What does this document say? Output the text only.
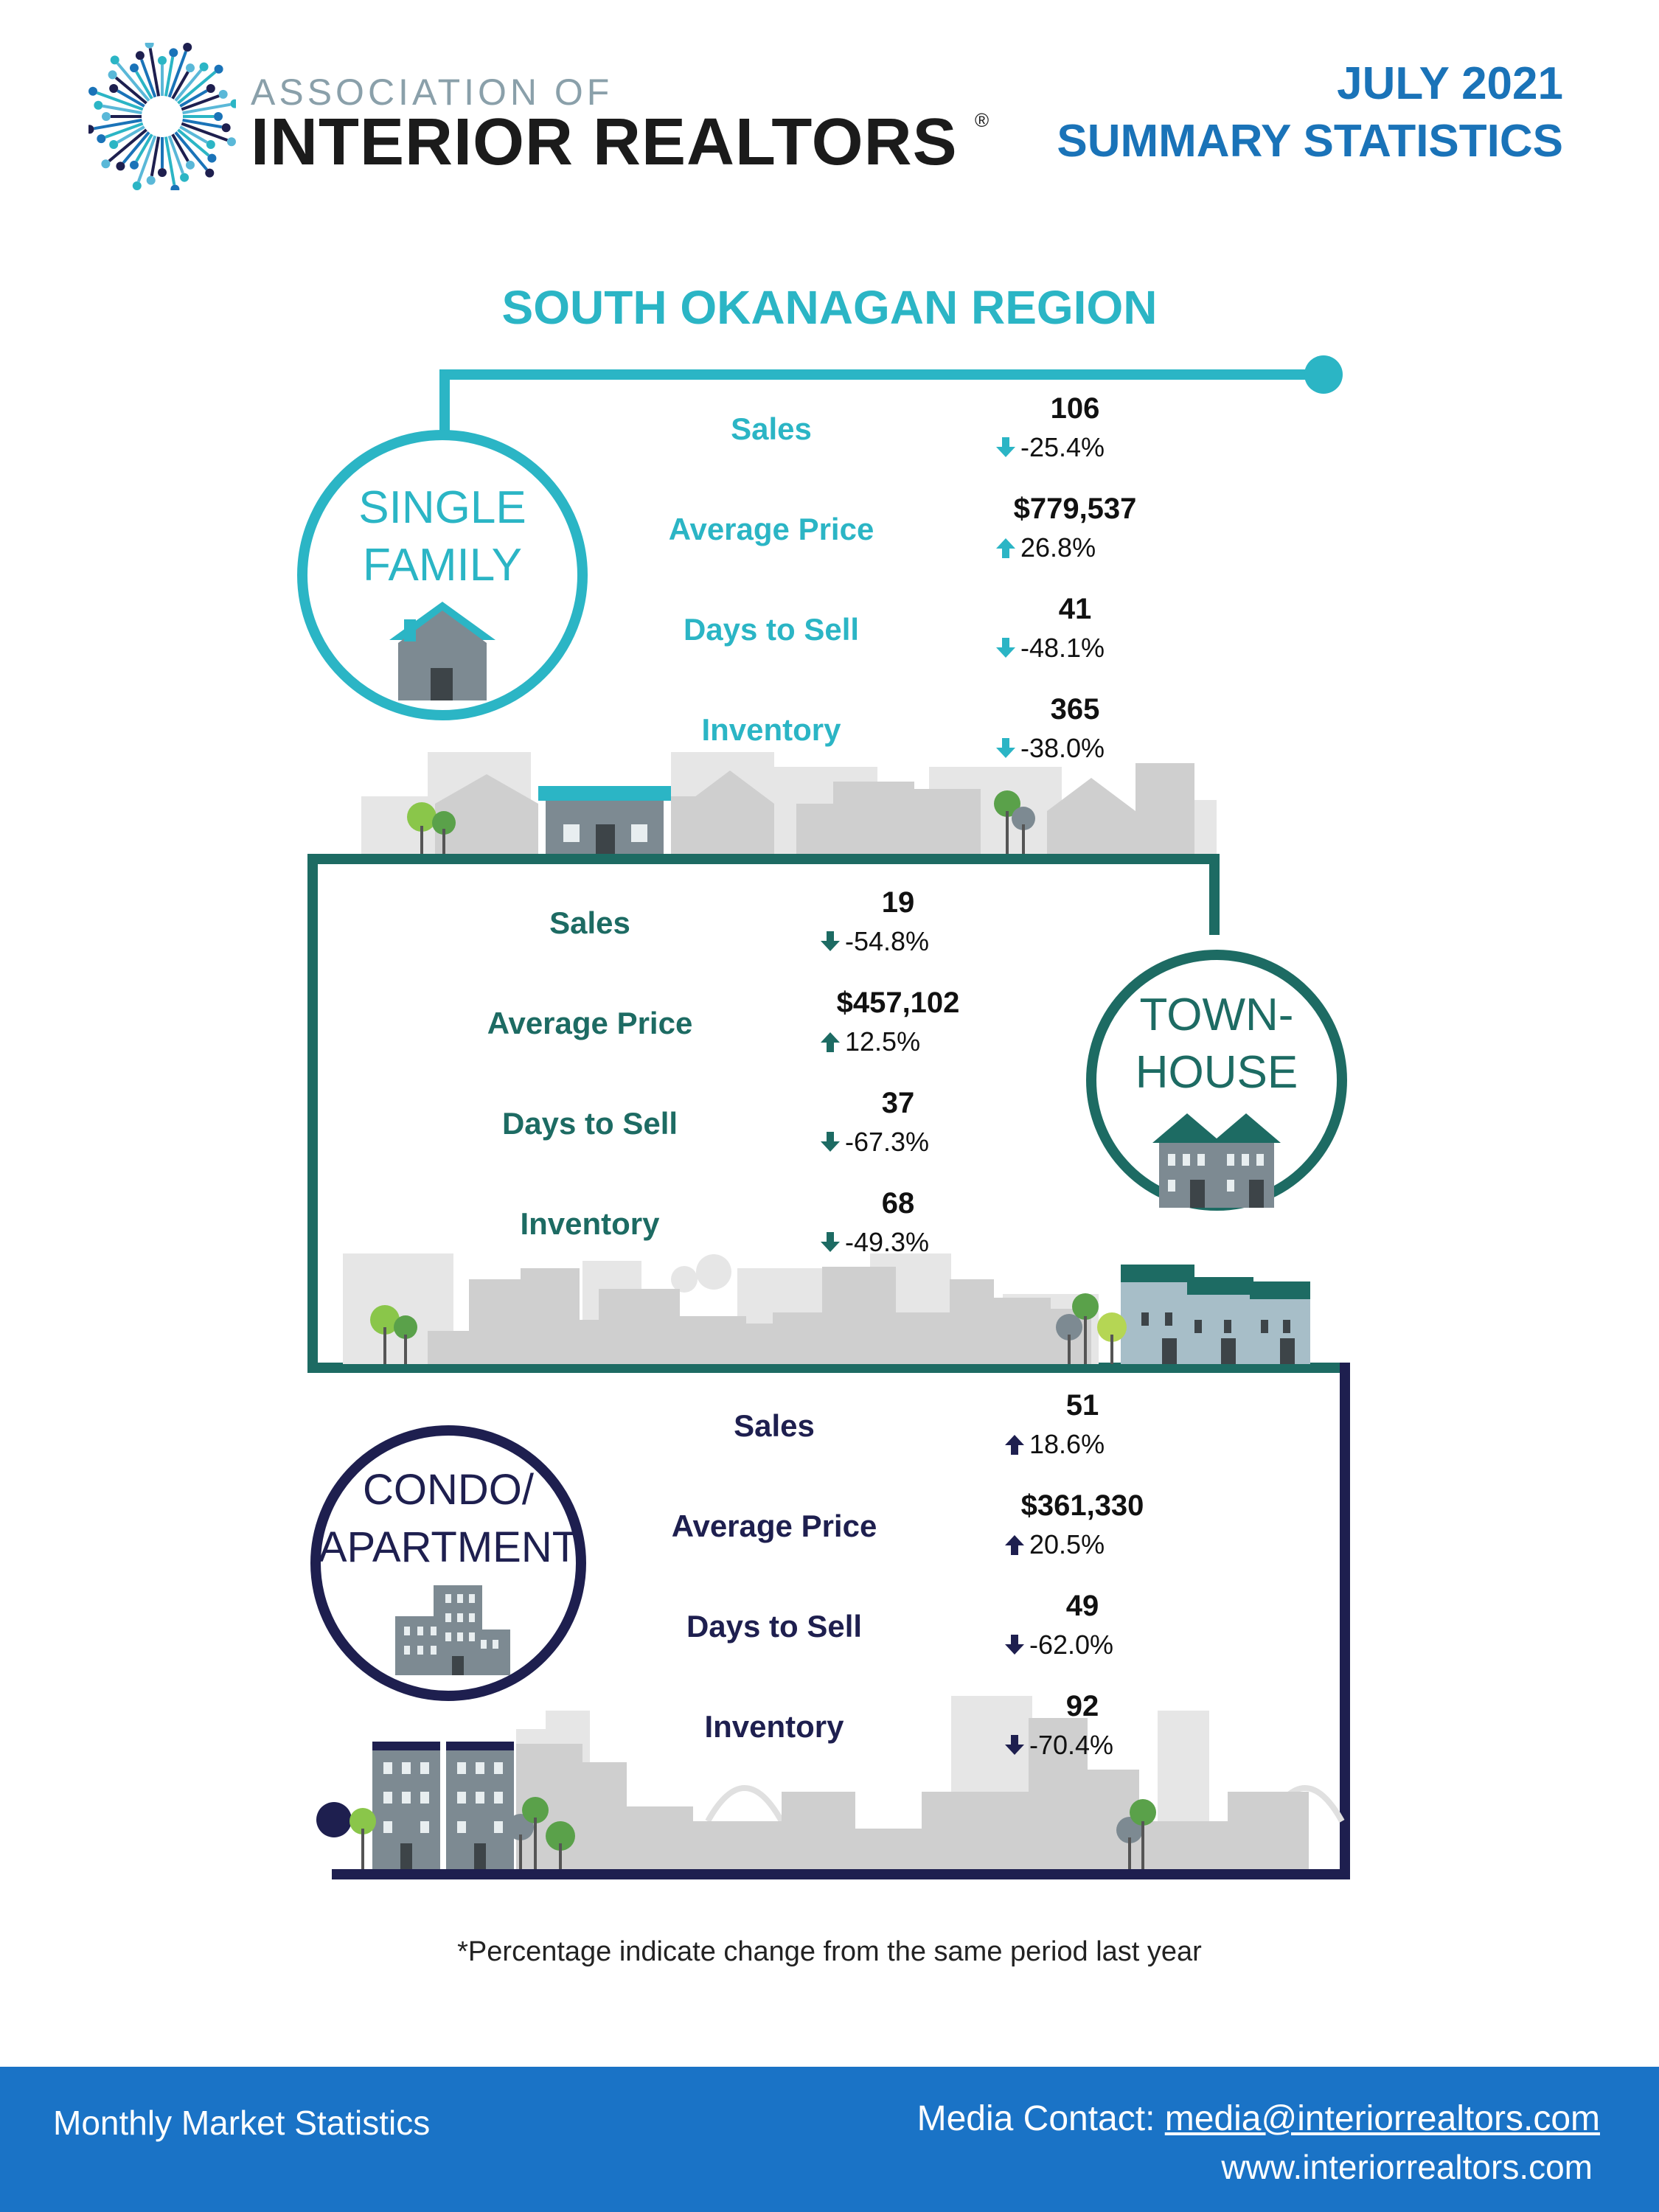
ASSOCIATION OF
INTERIOR REALTORS ®
JULY 2021
SUMMARY STATISTICS
SOUTH OKANAGAN REGION
SINGLE
FAMILY
TOWN-
HOUSE
CONDO/
APARTMENT
Sales
106
-25.4%
Average Price
$779,537
26.8%
Days to Sell
41
-48.1%
Inventory
365
-38.0%
Sales
19
-54.8%
Average Price
$457,102
12.5%
Days to Sell
37
-67.3%
Inventory
68
-49.3%
Sales
51
18.6%
Average Price
$361,330
20.5%
Days to Sell
49
-62.0%
Inventory
92
-70.4%
*Percentage indicate change from the same period last year
Monthly Market Statistics	Media Contact: media@interiorrealtors.com
www.interiorrealtors.com
